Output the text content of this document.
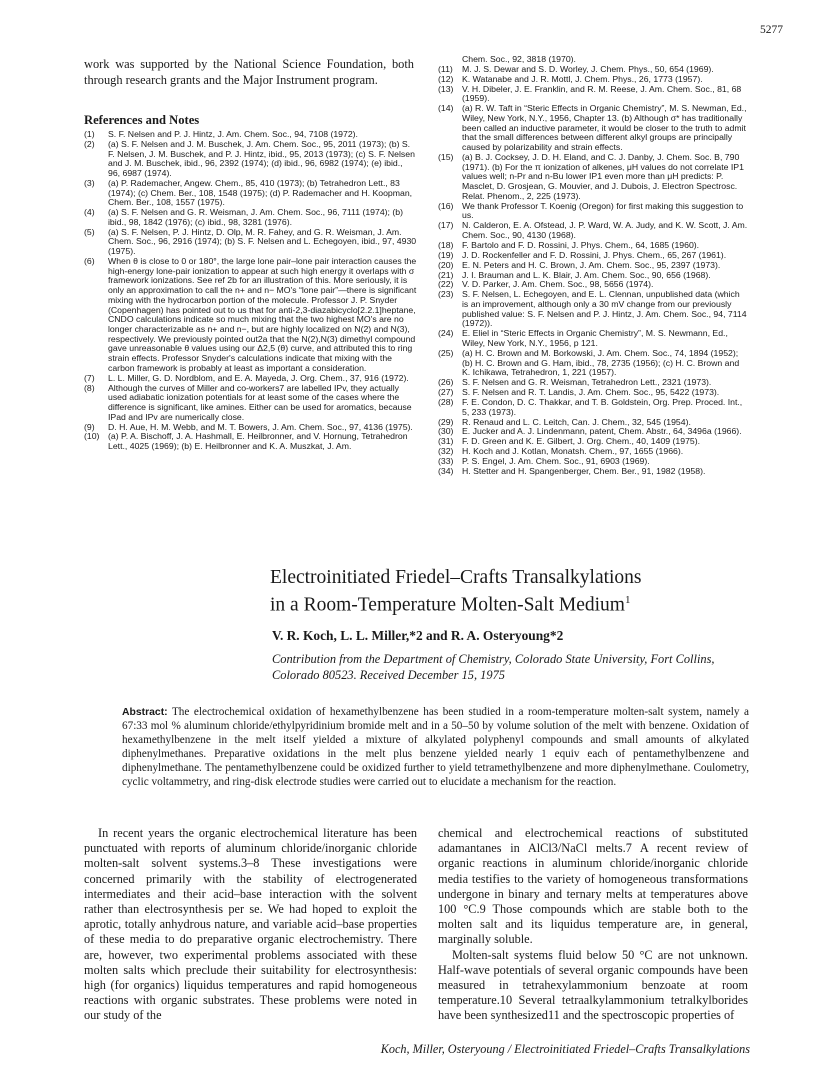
5277
work was supported by the National Science Foundation, both through research grants and the Major Instrument program.
References and Notes
(1)	S. F. Nelsen and P. J. Hintz, J. Am. Chem. Soc., 94, 7108 (1972).
(2)	(a) S. F. Nelsen and J. M. Buschek, J. Am. Chem. Soc., 95, 2011 (1973); (b) S. F. Nelsen, J. M. Buschek, and P. J. Hintz, ibid., 95, 2013 (1973); (c) S. F. Nelsen and J. M. Buschek, ibid., 96, 2392 (1974); (d) ibid., 96, 6982 (1974); (e) ibid., 96, 6987 (1974).
(3)	(a) P. Rademacher, Angew. Chem., 85, 410 (1973); (b) Tetrahedron Lett., 83 (1974); (c) Chem. Ber., 108, 1548 (1975); (d) P. Rademacher and H. Koopman, Chem. Ber., 108, 1557 (1975).
(4)	(a) S. F. Nelsen and G. R. Weisman, J. Am. Chem. Soc., 96, 7111 (1974); (b) ibid., 98, 1842 (1976); (c) ibid., 98, 3281 (1976).
(5)	(a) S. F. Nelsen, P. J. Hintz, D. Olp, M. R. Fahey, and G. R. Weisman, J. Am. Chem. Soc., 96, 2916 (1974); (b) S. F. Nelsen and L. Echegoyen, ibid., 97, 4930 (1975).
(6)	When θ is close to 0 or 180°, the large lone pair–lone pair interaction causes the high-energy lone-pair ionization to appear at such high energy it overlaps with σ framework ionizations. See ref 2b for an illustration of this. More seriously, it is only an approximation to call the n+ and n− MO's “lone pair”—there is significant mixing with the hydrocarbon portion of the molecule. Professor J. P. Snyder (Copenhagen) has pointed out to us that for anti-2,3-diazabicyclo[2.2.1]heptane, CNDO calculations indicate so much mixing that the two highest MO's are no longer characterizable as n+ and n−, but are highly localized on N(2) and N(3), respectively. We previously pointed out2a that the N(2),N(3) dimethyl compound gave unreasonable θ values using our Δ2,5 (θ) curve, and attributed this to ring strain effects. Professor Snyder's calculations indicate that mixing with the carbon framework is probably at least as important a consideration.
(7)	L. L. Miller, G. D. Nordblom, and E. A. Mayeda, J. Org. Chem., 37, 916 (1972).
(8)	Although the curves of Miller and co-workers7 are labelled IPv, they actually used adiabatic ionization potentials for at least some of the cases where the difference is significant, like amines. Either can be used for aromatics, because IPad and IPv are numerically close.
(9)	D. H. Aue, H. M. Webb, and M. T. Bowers, J. Am. Chem. Soc., 97, 4136 (1975).
(10) (a) P. A. Bischoff, J. A. Hashmall, E. Heilbronner, and V. Hornung, Tetrahedron Lett., 4025 (1969); (b) E. Heilbronner and K. A. Muszkat, J. Am.
Chem. Soc., 92, 3818 (1970).
(11)	M. J. S. Dewar and S. D. Worley, J. Chem. Phys., 50, 654 (1969).
(12) K. Watanabe and J. R. Mottl, J. Chem. Phys., 26, 1773 (1957).
(13) V. H. Dibeler, J. E. Franklin, and R. M. Reese, J. Am. Chem. Soc., 81, 68 (1959).
(14) (a) R. W. Taft in “Steric Effects in Organic Chemistry”, M. S. Newman, Ed., Wiley, New York, N.Y., 1956, Chapter 13. (b) Although σ* has traditionally been called an inductive parameter, it would be closer to the truth to admit that the small differences between different alkyl groups are principally caused by polarizability and strain effects.
(15) (a) B. J. Cocksey, J. D. H. Eland, and C. J. Danby, J. Chem. Soc. B, 790 (1971). (b) For the π ionization of alkenes, μH values do not correlate IP1 values well; n-Pr and n-Bu lower IP1 even more than μH predicts: P. Masclet, D. Grosjean, G. Mouvier, and J. Dubois, J. Electron Spectrosc. Relat. Phenom., 2, 225 (1973).
(16) We thank Professor T. Koenig (Oregon) for first making this suggestion to us.
(17) N. Calderon, E. A. Ofstead, J. P. Ward, W. A. Judy, and K. W. Scott, J. Am. Chem. Soc., 90, 4130 (1968).
(18) F. Bartolo and F. D. Rossini, J. Phys. Chem., 64, 1685 (1960).
(19) J. D. Rockenfeller and F. D. Rossini, J. Phys. Chem., 65, 267 (1961).
(20) E. N. Peters and H. C. Brown, J. Am. Chem. Soc., 95, 2397 (1973).
(21) J. I. Brauman and L. K. Blair, J. Am. Chem. Soc., 90, 656 (1968).
(22) V. D. Parker, J. Am. Chem. Soc., 98, 5656 (1974).
(23) S. F. Nelsen, L. Echegoyen, and E. L. Clennan, unpublished data (which is an improvement, although only a 30 mV change from our previously published value: S. F. Nelsen and P. J. Hintz, J. Am. Chem. Soc., 94, 7114 (1972)).
(24) E. Eliel in “Steric Effects in Organic Chemistry”, M. S. Newmann, Ed., Wiley, New York, N.Y., 1956, p 121.
(25) (a) H. C. Brown and M. Borkowski, J. Am. Chem. Soc., 74, 1894 (1952); (b) H. C. Brown and G. Ham, ibid., 78, 2735 (1956); (c) H. C. Brown and K. Ichikawa, Tetrahedron, 1, 221 (1957).
(26) S. F. Nelsen and G. R. Weisman, Tetrahedron Lett., 2321 (1973).
(27) S. F. Nelsen and R. T. Landis, J. Am. Chem. Soc., 95, 5422 (1973).
(28) F. E. Condon, D. C. Thakkar, and T. B. Goldstein, Org. Prep. Proced. Int., 5, 233 (1973).
(29) R. Renaud and L. C. Leitch, Can. J. Chem., 32, 545 (1954).
(30) E. Jucker and A. J. Lindenmann, patent, Chem. Abstr., 64, 3496a (1966).
(31) F. D. Green and K. E. Gilbert, J. Org. Chem., 40, 1409 (1975).
(32) H. Koch and J. Kotlan, Monatsh. Chem., 97, 1655 (1966).
(33) P. S. Engel, J. Am. Chem. Soc., 91, 6903 (1969).
(34) H. Stetter and H. Spangenberger, Chem. Ber., 91, 1982 (1958).
Electroinitiated Friedel–Crafts Transalkylations
in a Room-Temperature Molten-Salt Medium$^1$
V. R. Koch, L. L. Miller,*2 and R. A. Osteryoung*2
Contribution from the Department of Chemistry, Colorado State University, Fort Collins, Colorado 80523. Received December 15, 1975
Abstract: The electrochemical oxidation of hexamethylbenzene has been studied in a room-temperature molten-salt system, namely a 67:33 mol % aluminum chloride/ethylpyridinium bromide melt and in a 50–50 by volume solution of the melt with benzene. Oxidation of hexamethylbenzene in the melt itself yielded a mixture of alkylated polyphenyl compounds and small amounts of alkylated diphenylmethanes. Preparative oxidations in the melt plus benzene yielded nearly 1 equiv each of pentamethylbenzene and diphenylmethane. The pentamethylbenzene could be oxidized further to yield tetramethylbenzene and more diphenylmethane. Coulometry, cyclic voltammetry, and ring-disk electrode studies were carried out to elucidate a mechanism for the reaction.

In recent years the organic electrochemical literature has been punctuated with reports of aluminum chloride/inorganic chloride molten-salt solvent systems.3–8 These investigations were concerned primarily with the stability of electrogenerated intermediates and their acid–base interaction with the solvent rather than electrosynthesis per se. We had hoped to exploit the aprotic, totally anhydrous nature, and variable acid–base properties of these media to do preparative organic electrochemistry. There are, however, two experimental problems associated with these molten salts which preclude their suitability for electrosynthesis: high (for organics) liquidus temperatures and rapid homogeneous reactions with organic substrates. These problems were noted in our study of the

chemical and electrochemical reactions of substituted adamantanes in AlCl3/NaCl melts.7 A recent review of organic reactions in aluminum chloride/inorganic chloride media testifies to the variety of homogeneous transformations undergone in binary and ternary melts at temperatures above 100 °C.9 Those compounds which are stable both to the molten salt and its liquidus temperature are, in general, marginally soluble.

Molten-salt systems fluid below 50 °C are not unknown. Half-wave potentials of several organic compounds have been measured in tetrahexylammonium benzoate at room temperature.10 Several tetraalkylammonium tetralkylborides have been synthesized11 and the spectroscopic properties of

Koch, Miller, Osteryoung / Electroinitiated Friedel–Crafts Transalkylations
